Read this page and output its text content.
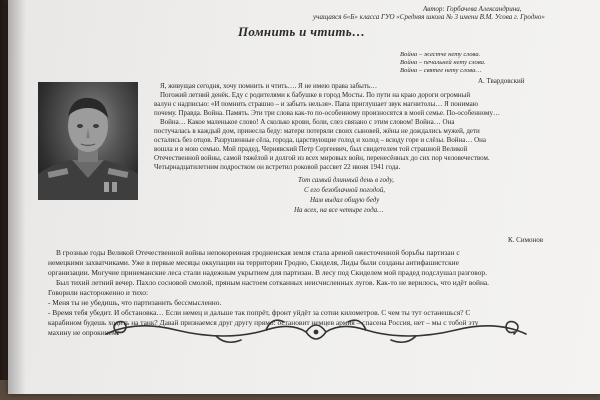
Автор: Горбачева Александрина,
учащаяся 6«Б» класса ГУО «Средняя школа № 3 имени В.М. Усова г. Гродно»
Помнить и чтить…
Война – жестче нету слова.
Война – печальней нету слова.
Война – святее нету слова…
А. Твардовский
Я, живущая сегодня, хочу помнить и чтить…. Я не имею права забыть…
Погожий летний денёк. Еду с родителями к бабушке в город Мосты. По пути на краю дороги огромный
валун с надписью: «И помнить страшно – и забыть нельзя». Папа приглушает звук магнитолы… Я понимаю
почему. Правда. Война. Память. Эти три слова как-то по-особенному произносятся в моей семье. По-особенному…
Война… Какое маленькое слово! А сколько крови, боли, слез связано с этим словом! Война… Она
постучалась в каждый дом, принесла беду: матери потеряли своих сыновей, жёны не дождались мужей, дети
остались без отцов. Разрушенные сёла, города, царствующие голод и холод – всюду горе и слёзы. Война… Она
вошла и в мою семью. Мой прадед, Чернявский Петр Сергеевич, был свидетелем той страшной Великой
Отечественной войны, самой тяжёлой и долгой из всех мировых войн, перенесённых до сих пор человечеством.
Четырнадцатилетним подростком он встретил роковой рассвет 22 июня 1941 года.
Тот самый длинный день в году,
С его безоблачной погодой,
Нам выдал общую беду
На всех, на все четыре года…
К. Симонов
В грозные годы Великой Отечественной войны непокоренная гродненская земля стала ареной ожесточенной борьбы партизан с
немецкими захватчиками. Уже в первые месяцы оккупации на территории Гродно, Скиделя, Лиды были созданы антифашистские
организации. Могучие принеманские леса стали надежным укрытием для партизан. В лесу под Скиделем мой прадед подслушал разговор.
Был тихий летний вечер. Пахло сосновой смолой, пряным настоем сотканных неисчисленных лугов. Как-то не верилось, что идёт война.
Говорили настороженно и тихо:
- Меня ты не убедишь, что партизанить бессмысленно.
- Время тебя убедит. И обстановка… Если немец и дальше так попрёт, фронт уйдёт за сотни километров. С чем ты тут останешься? С
карабином будешь ходить на танк? Давай признаемся друг другу прямо: остановит немцев армия – спасена Россия, нет – мы с тобой эту
махину не опрокинем.
